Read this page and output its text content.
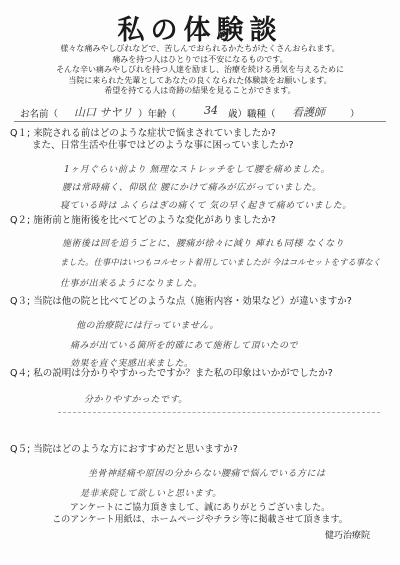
私の体験談
様々な痛みやしびれなどで、苦しんでおられるかたちがたくさんおられます。
痛みを持つ人はひとりでは不安になるものです。
そんな辛い痛みやしびれを持つ人達を励まし、治療を続ける勇気を与えるために
当院に来られた先輩としてあなたの良くなられた体験談をお願いします。
希望を持てる人は奇跡の結果を見ることができます。
お名前（ 山口 サヤリ ）年齢（	34 歳）職種（ 看護師	）
Q１; 来院される前はどのような症状で悩まされていましたか?
また、日常生活や仕事ではどのような事に困っていましたか?
1ヶ月ぐらい前より 無理なストレッチをして腰を痛めました。
腰は常時痛く、仰臥位 腰にかけて痛みが広がっていました。
寝ている時は ふくらはぎの痛くて 気の早く起きて痛めていました。
Q２; 施術前と施術後を比べてどのような変化がありましたか?
施術後は回を追うごとに、腰痛が徐々に減り 痺れも同様 なくなり
ました。仕事中はいつもコルセット着用していましたが 今はコルセットをする事なく
仕事が出来るようになりました。
Q３; 当院は他の院と比べてどのような点（施術内容・効果など）が違いますか?
他の治療院には行っていません。
痛みが出ている箇所を的確にあて施術して頂いたので
効果を直ぐ実感出来ました。
Q４; 私の説明は分かりやすかったですか？また私の印象はいかがでしたか?
分かりやすかったです。
Q５; 当院はどのような方におすすめだと思いますか?
坐骨神経痛や原因の分からない腰痛で悩んでいる方には
是非来院して欲しいと思います。
アンケートにご協力頂きまして、誠にありがとうございました。
このアンケート用紙は、ホームページやチラシ等に掲載させて頂きます。
健巧治療院
